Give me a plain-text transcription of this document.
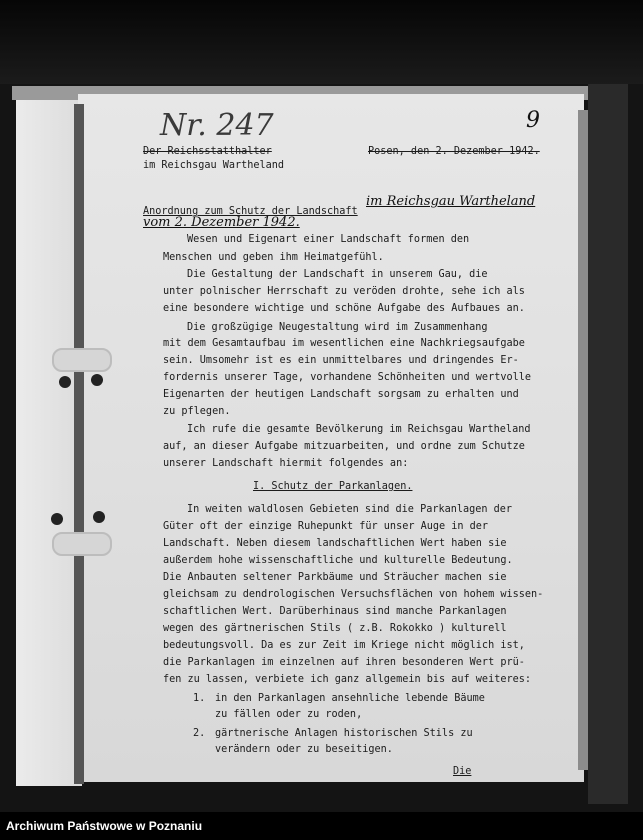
Nr. 247	9
Der Reichsstatthalter
im Reichsgau Wartheland
Posen, den 2. Dezember 1942.
Anordnung zum Schutz der Landschaft
im Reichsgau Wartheland
vom 2. Dezember 1942.
Wesen und Eigenart einer Landschaft formen den
Menschen und geben ihm Heimatgefühl.
Die Gestaltung der Landschaft in unserem Gau, die
unter polnischer Herrschaft zu veröden drohte, sehe ich als
eine besondere wichtige und schöne Aufgabe des Aufbaues an.
Die großzügige Neugestaltung wird im Zusammenhang
mit dem Gesamtaufbau im wesentlichen eine Nachkriegsaufgabe
sein. Umsomehr ist es ein unmittelbares und dringendes Er-
fordernis unserer Tage, vorhandene Schönheiten und wertvolle
Eigenarten der heutigen Landschaft sorgsam zu erhalten und
zu pflegen.
Ich rufe die gesamte Bevölkerung im Reichsgau Wartheland
auf, an dieser Aufgabe mitzuarbeiten, und ordne zum Schutze
unserer Landschaft hiermit folgendes an:
I. Schutz der Parkanlagen.
In weiten waldlosen Gebieten sind die Parkanlagen der
Güter oft der einzige Ruhepunkt für unser Auge in der
Landschaft. Neben diesem landschaftlichen Wert haben sie
außerdem hohe wissenschaftliche und kulturelle Bedeutung.
Die Anbauten seltener Parkbäume und Sträucher machen sie
gleichsam zu dendrologischen Versuchsflächen von hohem wissen-
schaftlichen Wert. Darüberhinaus sind manche Parkanlagen
wegen des gärtnerischen Stils ( z.B. Rokokko ) kulturell
bedeutungsvoll. Da es zur Zeit im Kriege nicht möglich ist,
die Parkanlagen im einzelnen auf ihren besonderen Wert prü-
fen zu lassen, verbiete ich ganz allgemein bis auf weiteres:
1. in den Parkanlagen ansehnliche lebende Bäume
zu fällen oder zu roden,
2. gärtnerische Anlagen historischen Stils zu
verändern oder zu beseitigen.
Die
Archiwum Państwowe w Poznaniu
